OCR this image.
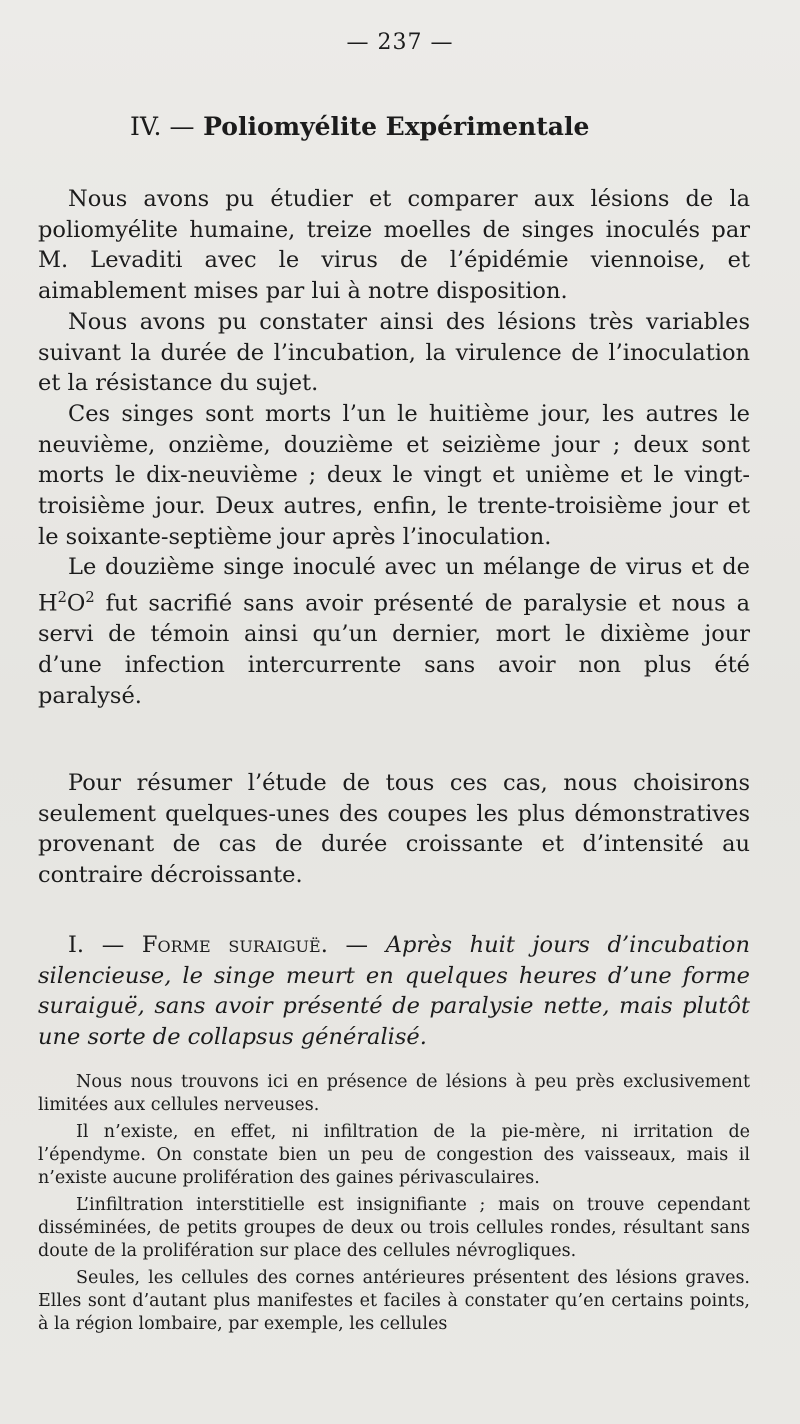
— 237 —
IV. — Poliomyélite Expérimentale

Nous avons pu étudier et comparer aux lésions de la poliomyélite humaine, treize moelles de singes inoculés par M. Levaditi avec le virus de l’épidémie viennoise, et aimablement mises par lui à notre disposition.

Nous avons pu constater ainsi des lésions très variables suivant la durée de l’incubation, la virulence de l’inoculation et la résistance du sujet.

Ces singes sont morts l’un le huitième jour, les autres le neuvième, onzième, douzième et seizième jour ; deux sont morts le dix-neuvième ; deux le vingt et unième et le vingt-troisième jour. Deux autres, enfin, le trente-troisième jour et le soixante-septième jour après l’inoculation.

Le douzième singe inoculé avec un mélange de virus et de $H^2O^2$ fut sacrifié sans avoir présenté de paralysie et nous a servi de témoin ainsi qu’un dernier, mort le dixième jour d’une infection intercurrente sans avoir non plus été paralysé.

Pour résumer l’étude de tous ces cas, nous choisirons seulement quelques-unes des coupes les plus démonstratives provenant de cas de durée croissante et d’intensité au contraire décroissante.

I. — Forme suraiguë. — Après huit jours d’incubation silencieuse, le singe meurt en quelques heures d’une forme suraiguë, sans avoir présenté de paralysie nette, mais plutôt une sorte de collapsus généralisé.

Nous nous trouvons ici en présence de lésions à peu près exclusivement limitées aux cellules nerveuses.

Il n’existe, en effet, ni infiltration de la pie-mère, ni irritation de l’épendyme. On constate bien un peu de congestion des vaisseaux, mais il n’existe aucune prolifération des gaines périvasculaires.

L’infiltration interstitielle est insignifiante ; mais on trouve cependant disséminées, de petits groupes de deux ou trois cellules rondes, résultant sans doute de la prolifération sur place des cellules névrogliques.

Seules, les cellules des cornes antérieures présentent des lésions graves. Elles sont d’autant plus manifestes et faciles à constater qu’en certains points, à la région lombaire, par exemple, les cellules
